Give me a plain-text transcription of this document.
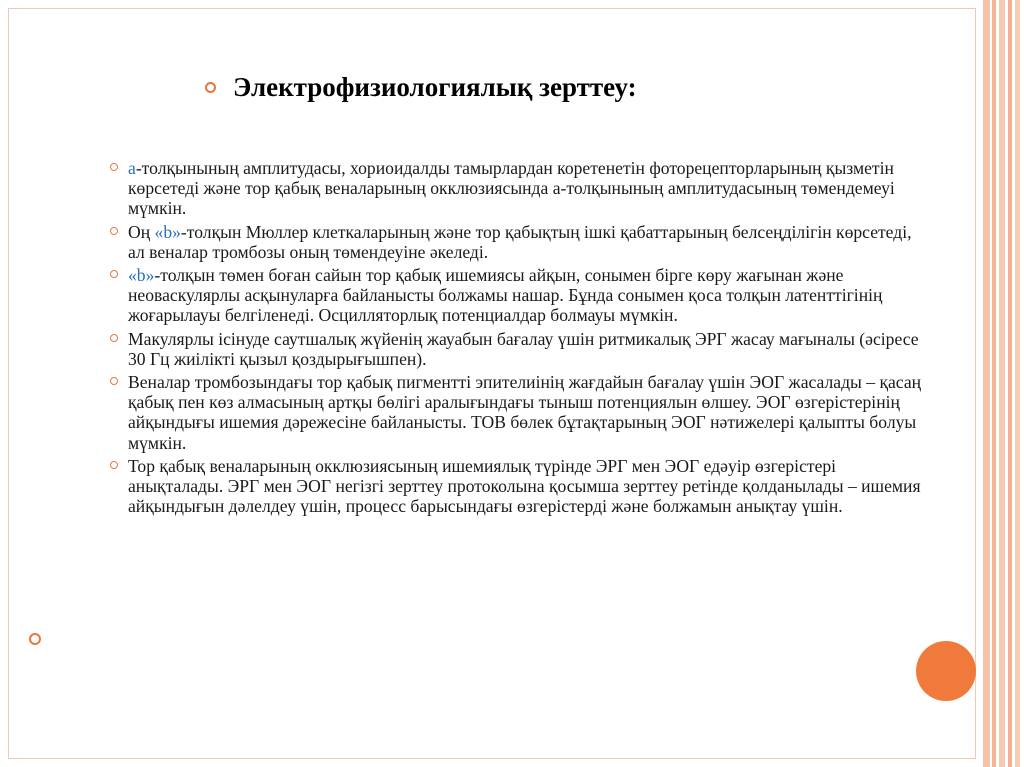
Электрофизиологиялық зерттеу:
а-толқынының амплитудасы, хориоидалды тамырлардан коретенетін фоторецепторларының қызметін көрсетеді және тор қабық веналарының окклюзиясында а-толқынының амплитудасының төмендемеуі мүмкін.
Оң «b»-толқын Мюллер клеткаларының және тор қабықтың ішкі қабаттарының белсеңділігін көрсетеді, ал веналар тромбозы оның төмендеуіне әкеледі.
«b»-толқын төмен боған сайын тор қабық ишемиясы айқын, сонымен бірге көру жағынан және неоваскулярлы асқынуларға байланысты болжамы нашар. Бұнда сонымен қоса толқын латенттігінің жоғарылауы белгіленеді. Осцилляторлық потенциалдар болмауы мүмкін.
Макулярлы ісінуде саутшалық жүйенің жауабын бағалау үшін ритмикалық ЭРГ жасау мағыналы (әсіресе 30 Гц жиілікті қызыл қоздырығышпен).
Веналар тромбозындағы тор қабық пигментті эпителиінің жағдайын бағалау үшін ЭОГ жасалады – қасаң қабық пен көз алмасының артқы бөлігі аралығындағы тыныш потенциялын өлшеу. ЭОГ өзгерістерінің айқындығы ишемия дәрежесіне байланысты. ТОВ бөлек бұтақтарының ЭОГ нәтижелері қалыпты болуы мүмкін.
Тор қабық веналарының окклюзиясының ишемиялық түрінде ЭРГ мен ЭОГ едәуір өзгерістері анықталады. ЭРГ мен ЭОГ негізгі зерттеу протоколына қосымша зерттеу ретінде қолданылады – ишемия айқындығын дәлелдеу үшін, процесс барысындағы өзгерістерді және болжамын анықтау үшін.
